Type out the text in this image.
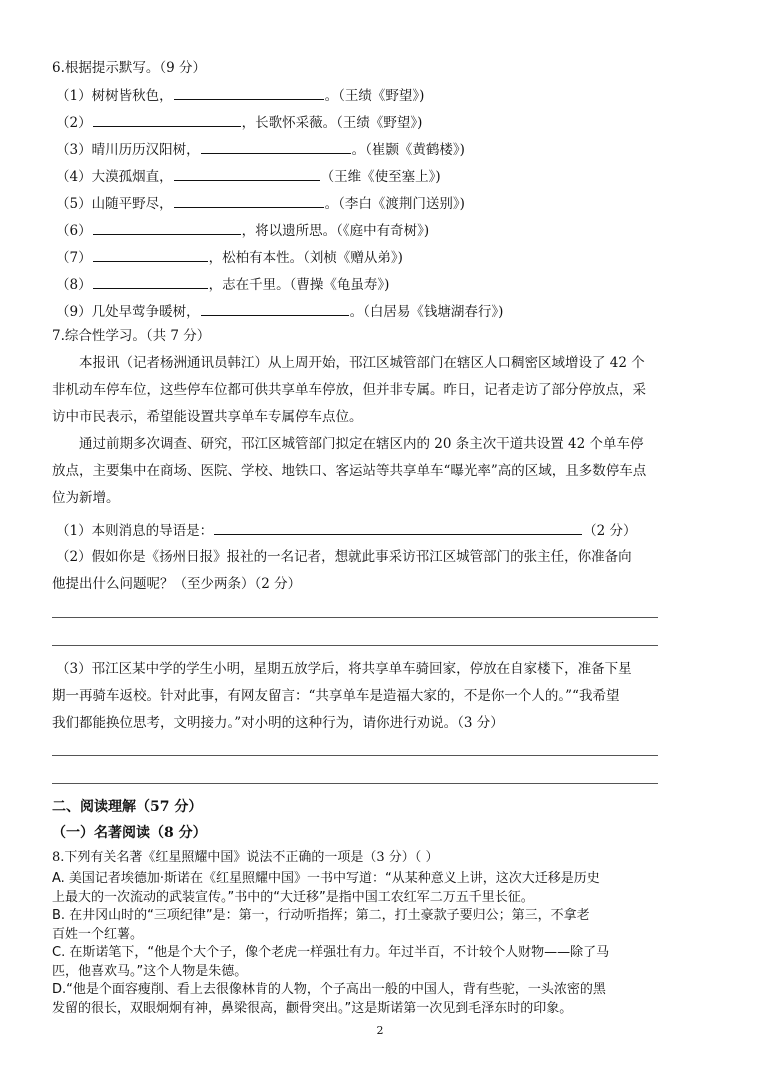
6.根据提示默写。（9 分）
（1）树树皆秋色，	。（王绩《野望》)
（2）	，长歌怀采薇。（王绩《野望》)
（3）晴川历历汉阳树，	。（崔颢《黄鹤楼》)
（4）大漠孤烟直，	（王维《使至塞上》)
（5）山随平野尽，	。（李白《渡荆门送别》)
（6）	，将以遗所思。（《庭中有奇树》)
（7）	，松柏有本性。（刘桢《赠从弟》)
（8）	，志在千里。（曹操《龟虽寿》)
（9）几处早莺争暖树，	。（白居易《钱塘湖春行》)
7.综合性学习。（共 7 分）
本报讯（记者杨洲通讯员韩江）从上周开始，邗江区城管部门在辖区人口稠密区域增设了 42 个非机动车停车位，这些停车位都可供共享单车停放，但并非专属。昨日，记者走访了部分停放点，采访中市民表示，希望能设置共享单车专属停车点位。
通过前期多次调查、研究，邗江区城管部门拟定在辖区内的 20 条主次干道共设置 42 个单车停放点，主要集中在商场、医院、学校、地铁口、客运站等共享单车“曝光率”高的区域，且多数停车点位为新增。
（1）本则消息的导语是：	（2 分）
（2）假如你是《扬州日报》报社的一名记者，想就此事采访邗江区城管部门的张主任，你准备向
他提出什么问题呢？（至少两条）（2 分）
（3）邗江区某中学的学生小明，星期五放学后，将共享单车骑回家，停放在自家楼下，准备下星
期一再骑车返校。针对此事，有网友留言：“共享单车是造福大家的，不是你一个人的。”“我希望
我们都能换位思考，文明接力。”对小明的这种行为，请你进行劝说。（3 分）
二、阅读理解（57 分）
（一）名著阅读（8 分）
8.下列有关名著《红星照耀中国》说法不正确的一项是（3 分）（ ）
A. 美国记者埃德加·斯诺在《红星照耀中国》一书中写道：“从某种意义上讲，这次大迁移是历史
上最大的一次流动的武装宣传。”书中的“大迁移”是指中国工农红军二万五千里长征。
B. 在井冈山时的“三项纪律”是：第一，行动听指挥；第二，打土豪款子要归公；第三，不拿老
百姓一个红薯。
C. 在斯诺笔下，“他是个大个子，像个老虎一样强壮有力。年过半百，不计较个人财物——除了马
匹，他喜欢马。”这个人物是朱德。
D.“他是个面容瘦削、看上去很像林肯的人物，个子高出一般的中国人，背有些驼，一头浓密的黑
发留的很长，双眼炯炯有神，鼻梁很高，颧骨突出。”这是斯诺第一次见到毛泽东时的印象。
2
